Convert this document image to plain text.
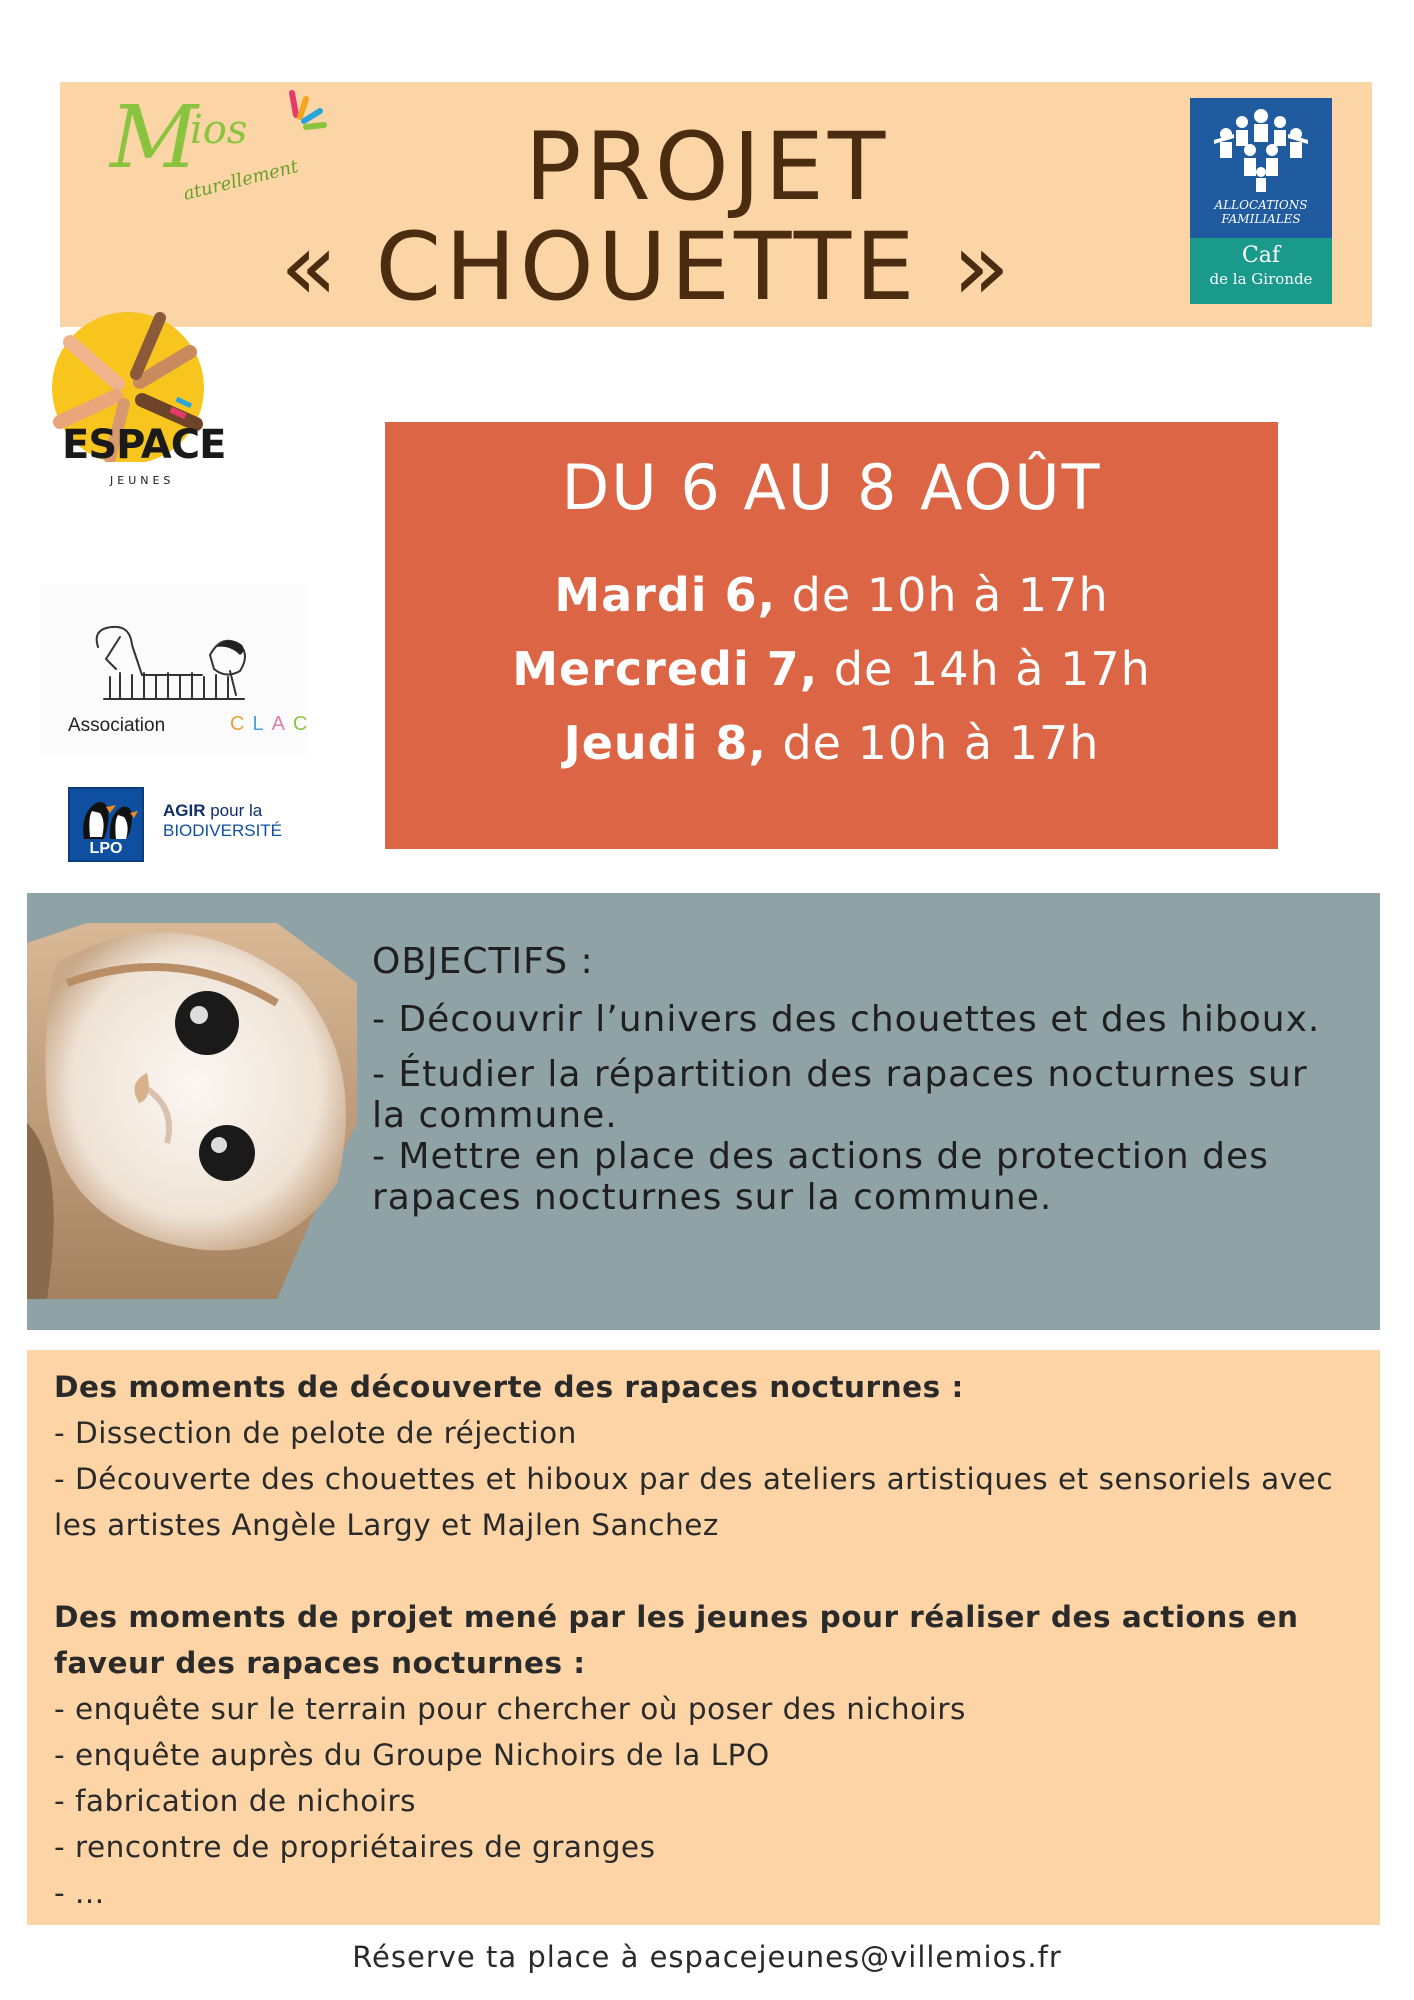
M
ios
aturellement	PROJET
« CHOUETTE »
ALLOCATIONS
FAMILIALES
Caf
de la Gironde
ESPACE
JEUNES
Association	CLAC
LPO
AGIR pour la
BIODIVERSITÉ
DU 6 AU 8 AOÛT
Mardi 6, de 10h à 17h
Mercredi 7, de 14h à 17h
Jeudi 8, de 10h à 17h
OBJECTIFS :
- Découvrir l’univers des chouettes et des hiboux.
- Étudier la répartition des rapaces nocturnes sur la commune.
- Mettre en place des actions de protection des rapaces nocturnes sur la commune.
Des moments de découverte des rapaces nocturnes :
- Dissection de pelote de réjection
- Découverte des chouettes et hiboux par des ateliers artistiques et sensoriels avec les artistes Angèle Largy et Majlen Sanchez
Des moments de projet mené par les jeunes pour réaliser des actions en faveur des rapaces nocturnes :
- enquête sur le terrain pour chercher où poser des nichoirs
- enquête auprès du Groupe Nichoirs de la LPO
- fabrication de nichoirs
- rencontre de propriétaires de granges
- ...
Réserve ta place à espacejeunes@villemios.fr
